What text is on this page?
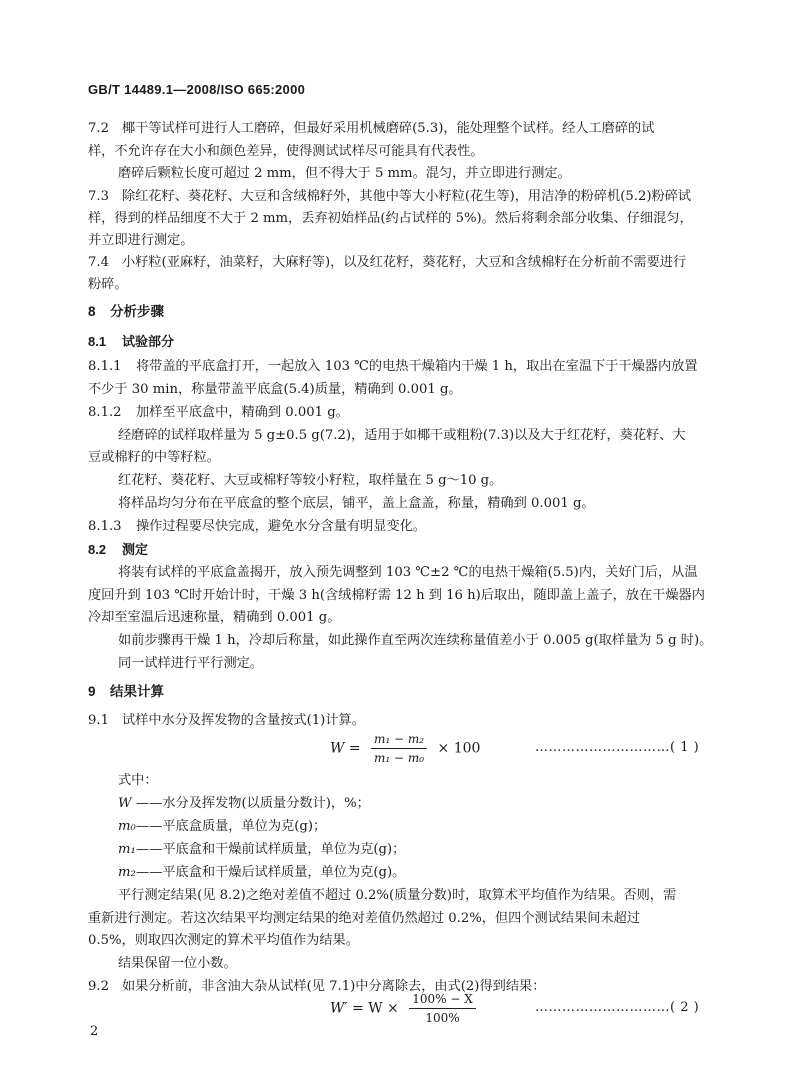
GB/T 14489.1—2008/ISO 665:2000
7.2 椰干等试样可进行人工磨碎，但最好采用机械磨碎(5.3)，能处理整个试样。经人工磨碎的试
样，不允许存在大小和颜色差异，使得测试试样尽可能具有代表性。
磨碎后颗粒长度可超过 2 mm，但不得大于 5 mm。混匀，并立即进行测定。
7.3 除红花籽、葵花籽、大豆和含绒棉籽外，其他中等大小籽粒(花生等)，用洁净的粉碎机(5.2)粉碎试
样，得到的样品细度不大于 2 mm，丢弃初始样品(约占试样的 5%)。然后将剩余部分收集、仔细混匀，
并立即进行测定。
7.4 小籽粒(亚麻籽，油菜籽，大麻籽等)，以及红花籽，葵花籽，大豆和含绒棉籽在分析前不需要进行
粉碎。
8 分析步骤
8.1 试验部分
8.1.1 将带盖的平底盒打开，一起放入 103 ℃的电热干燥箱内干燥 1 h，取出在室温下于干燥器内放置
不少于 30 min，称量带盖平底盒(5.4)质量，精确到 0.001 g。
8.1.2 加样至平底盒中，精确到 0.001 g。
经磨碎的试样取样量为 5 g±0.5 g(7.2)，适用于如椰干或粗粉(7.3)以及大于红花籽，葵花籽、大
豆或棉籽的中等籽粒。
红花籽、葵花籽、大豆或棉籽等较小籽粒，取样量在 5 g～10 g。
将样品均匀分布在平底盒的整个底层，铺平，盖上盒盖，称量，精确到 0.001 g。
8.1.3 操作过程要尽快完成，避免水分含量有明显变化。
8.2 测定
将装有试样的平底盒盖揭开，放入预先调整到 103 ℃±2 ℃的电热干燥箱(5.5)内，关好门后，从温
度回升到 103 ℃时开始计时，干燥 3 h(含绒棉籽需 12 h 到 16 h)后取出，随即盖上盖子，放在干燥器内
冷却至室温后迅速称量，精确到 0.001 g。
如前步骤再干燥 1 h，冷却后称量，如此操作直至两次连续称量值差小于 0.005 g(取样量为 5 g 时)。
同一试样进行平行测定。
9 结果计算
9.1 试样中水分及挥发物的含量按式(1)计算。
$W = \frac{\text{m₁ − m₂}}{\text{m₁ − m₀}} \times 100$	…………………………( 1 )
式中：
W ——水分及挥发物(以质量分数计)，%；
m₀——平底盒质量，单位为克(g)；
m₁——平底盒和干燥前试样质量，单位为克(g)；
m₂——平底盒和干燥后试样质量，单位为克(g)。
平行测定结果(见 8.2)之绝对差值不超过 0.2%(质量分数)时，取算术平均值作为结果。否则，需
重新进行测定。若这次结果平均测定结果的绝对差值仍然超过 0.2%，但四个测试结果间未超过
0.5%，则取四次测定的算术平均值作为结果。
结果保留一位小数。
9.2 如果分析前，非含油大杂从试样(见 7.1)中分离除去，由式(2)得到结果：
$W' = W \times \frac{100\% - X}{100\%}$	…………………………( 2 )
2
